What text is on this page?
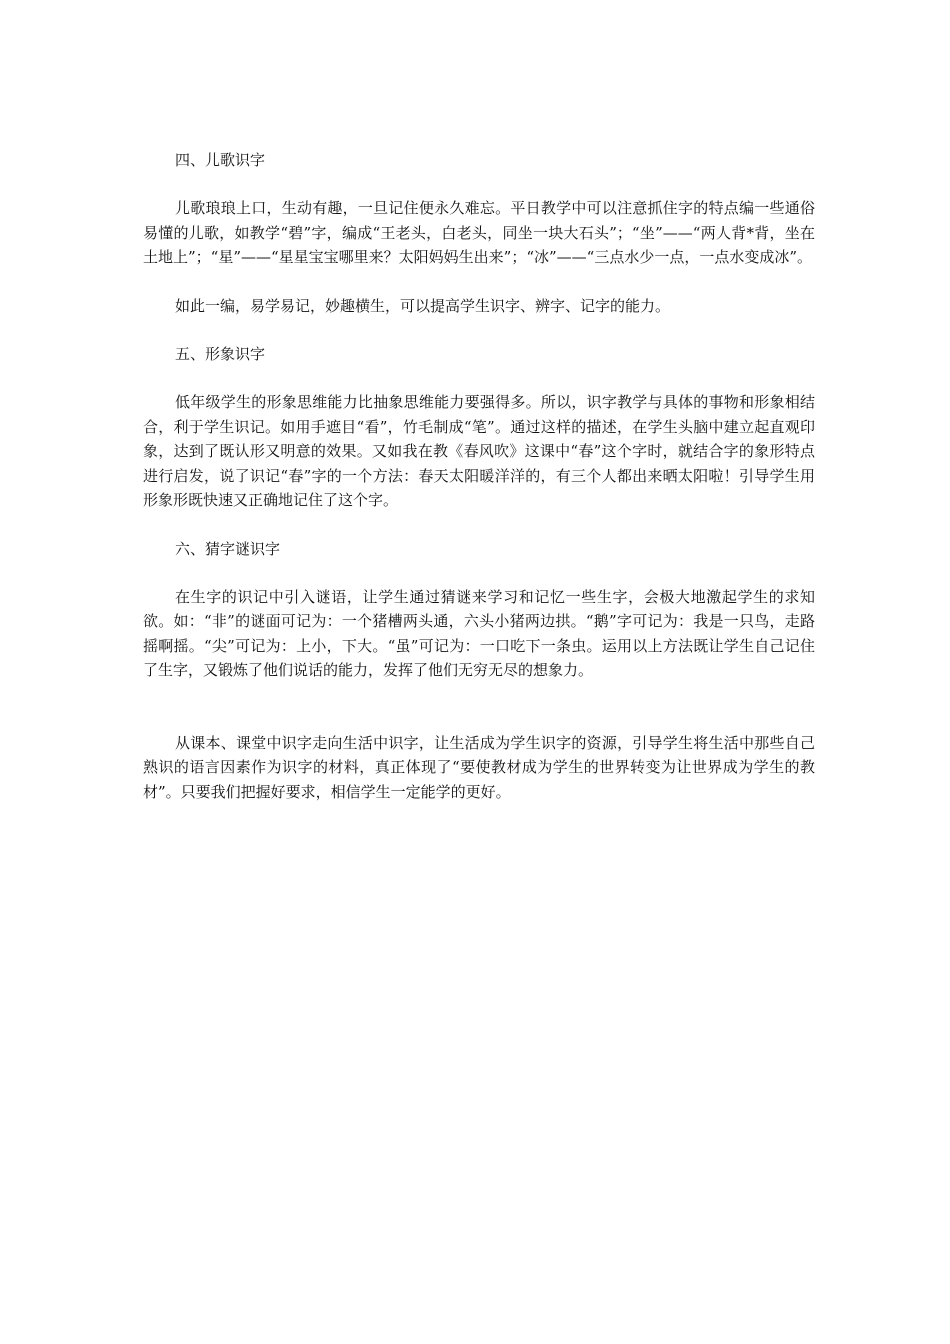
四、儿歌识字

儿歌琅琅上口，生动有趣，一旦记住便永久难忘。平日教学中可以注意抓住字的特点编一些通俗易懂的儿歌，如教学“碧”字，编成“王老头，白老头，同坐一块大石头”；“坐”——“两人背*背，坐在土地上”；“星”——“星星宝宝哪里来？太阳妈妈生出来”；“冰”——“三点水少一点，一点水变成冰”。

如此一编，易学易记，妙趣横生，可以提高学生识字、辨字、记字的能力。

五、形象识字

低年级学生的形象思维能力比抽象思维能力要强得多。所以，识字教学与具体的事物和形象相结合，利于学生识记。如用手遮目“看”，竹毛制成“笔”。通过这样的描述，在学生头脑中建立起直观印象，达到了既认形又明意的效果。又如我在教《春风吹》这课中“春”这个字时，就结合字的象形特点进行启发，说了识记“春”字的一个方法：春天太阳暖洋洋的，有三个人都出来晒太阳啦！引导学生用形象形既快速又正确地记住了这个字。

六、猜字谜识字

在生字的识记中引入谜语，让学生通过猜谜来学习和记忆一些生字，会极大地激起学生的求知欲。如：“非”的谜面可记为：一个猪槽两头通，六头小猪两边拱。“鹅”字可记为：我是一只鸟，走路摇啊摇。“尖”可记为：上小，下大。“虽”可记为：一口吃下一条虫。运用以上方法既让学生自己记住了生字，又锻炼了他们说话的能力，发挥了他们无穷无尽的想象力。

从课本、课堂中识字走向生活中识字，让生活成为学生识字的资源，引导学生将生活中那些自己熟识的语言因素作为识字的材料，真正体现了“要使教材成为学生的世界转变为让世界成为学生的教材”。只要我们把握好要求，相信学生一定能学的更好。
